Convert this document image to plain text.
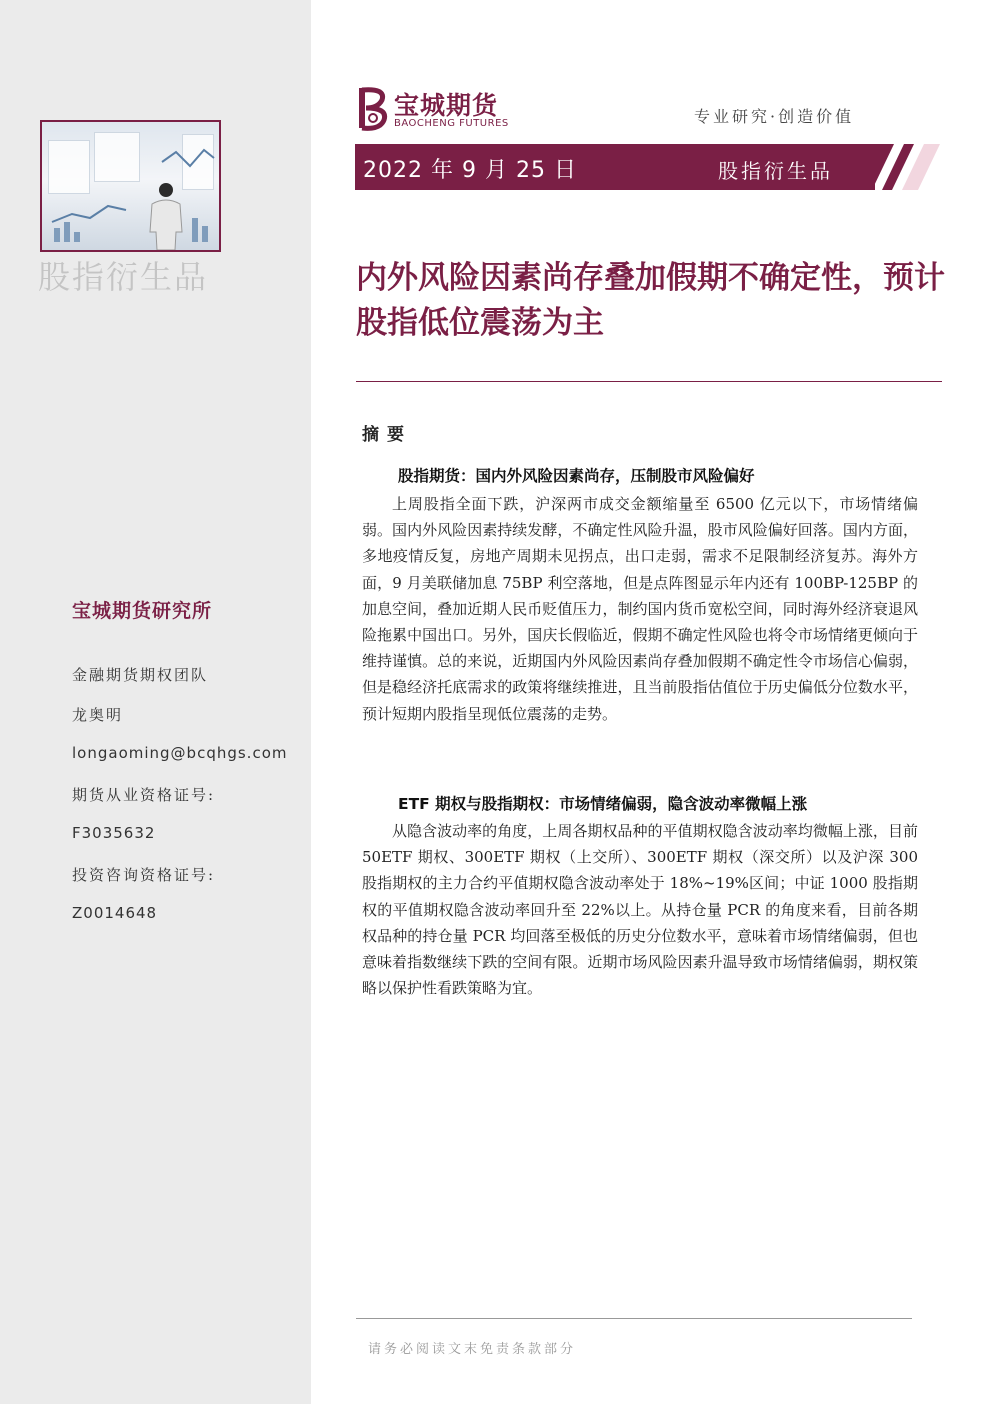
股指衍生品
宝城期货研究所
金融期货期权团队
龙奥明
longaoming@bcqhgs.com
期货从业资格证号:
F3035632
投资咨询资格证号:
Z0014648
宝城期货
BAOCHENG FUTURES	专业研究·创造价值
2022 年 9 月 25 日	股指衍生品
内外风险因素尚存叠加假期不确定性，预计股指低位震荡为主
摘要
股指期货：国内外风险因素尚存，压制股市风险偏好
上周股指全面下跌，沪深两市成交金额缩量至 6500 亿元以下，市场情绪偏弱。国内外风险因素持续发酵，不确定性风险升温，股市风险偏好回落。国内方面，多地疫情反复，房地产周期未见拐点，出口走弱，需求不足限制经济复苏。海外方面，9 月美联储加息 75BP 利空落地，但是点阵图显示年内还有 100BP-125BP 的加息空间，叠加近期人民币贬值压力，制约国内货币宽松空间，同时海外经济衰退风险拖累中国出口。另外，国庆长假临近，假期不确定性风险也将令市场情绪更倾向于维持谨慎。总的来说，近期国内外风险因素尚存叠加假期不确定性令市场信心偏弱，但是稳经济托底需求的政策将继续推进，且当前股指估值位于历史偏低分位数水平，预计短期内股指呈现低位震荡的走势。
ETF 期权与股指期权：市场情绪偏弱，隐含波动率微幅上涨
从隐含波动率的角度，上周各期权品种的平值期权隐含波动率均微幅上涨，目前 50ETF 期权、300ETF 期权（上交所）、300ETF 期权（深交所）以及沪深 300 股指期权的主力合约平值期权隐含波动率处于 18%~19%区间；中证 1000 股指期权的平值期权隐含波动率回升至 22%以上。从持仓量 PCR 的角度来看，目前各期权品种的持仓量 PCR 均回落至极低的历史分位数水平，意味着市场情绪偏弱，但也意味着指数继续下跌的空间有限。近期市场风险因素升温导致市场情绪偏弱，期权策略以保护性看跌策略为宜。
请务必阅读文末免责条款部分
